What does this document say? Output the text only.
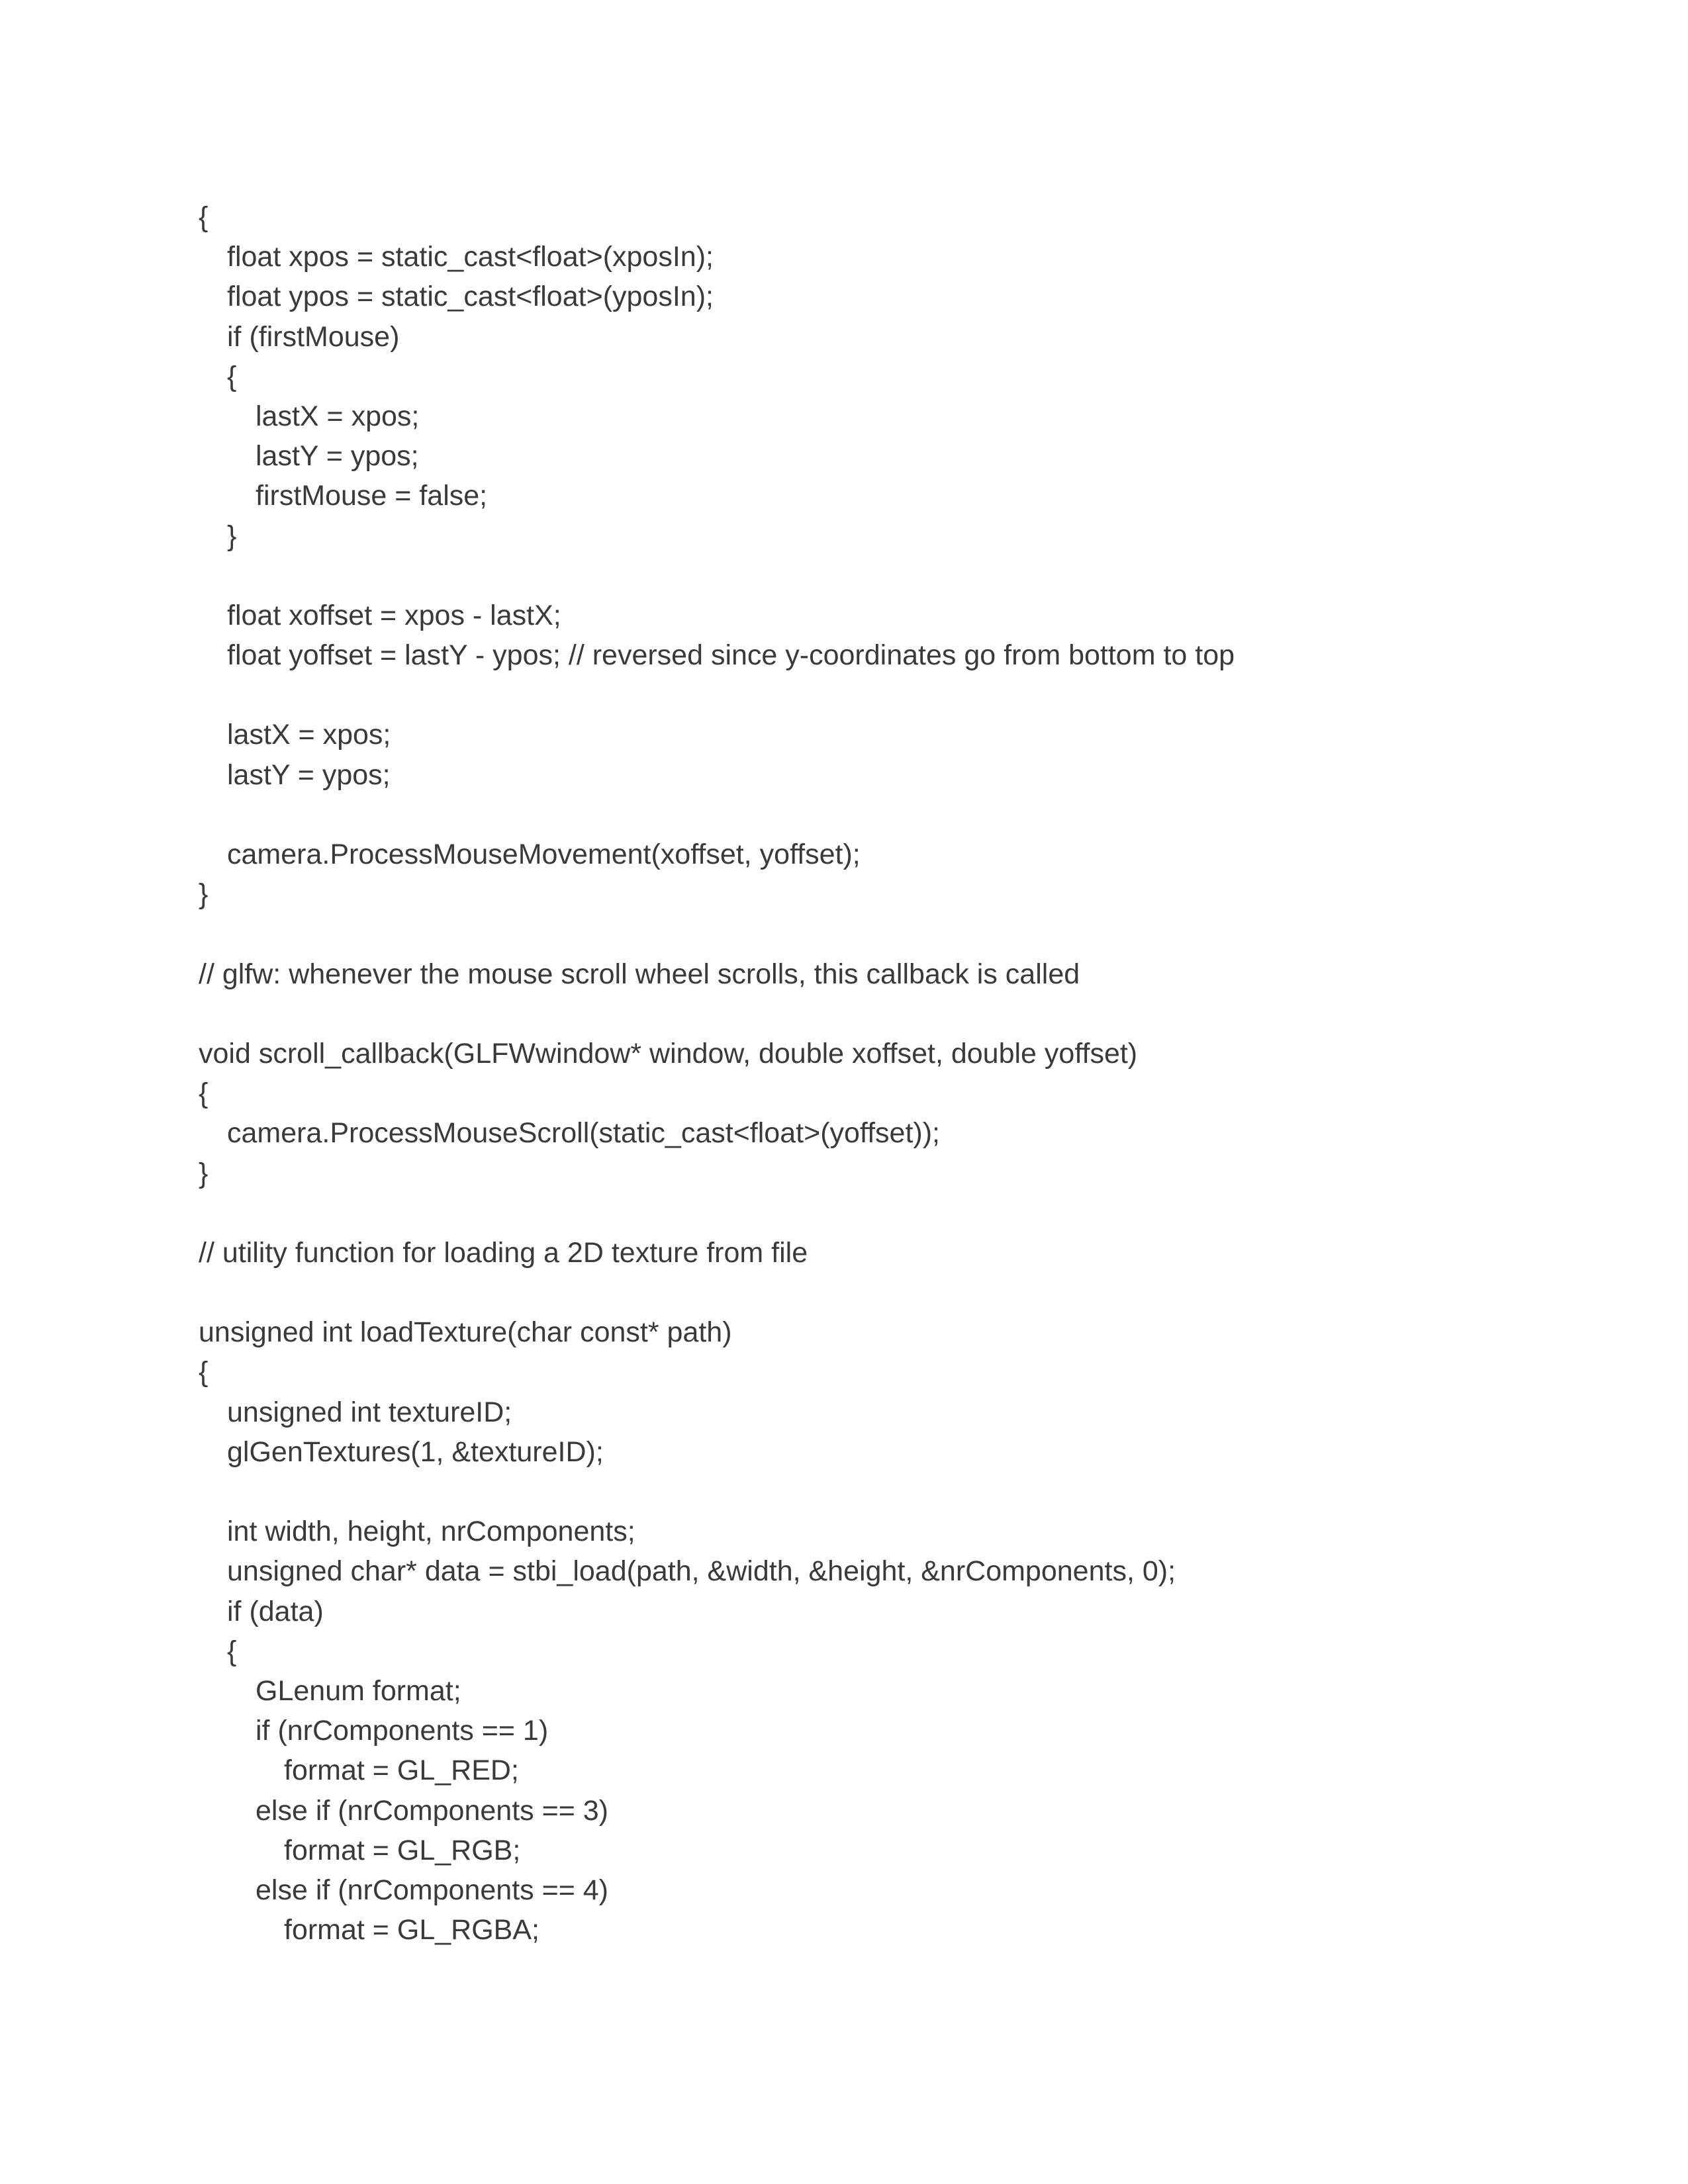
{
float xpos = static_cast<float>(xposIn);
float ypos = static_cast<float>(yposIn);
if (firstMouse)
{
lastX = xpos;
lastY = ypos;
firstMouse = false;
}
float xoffset = xpos - lastX;
float yoffset = lastY - ypos; // reversed since y-coordinates go from bottom to top
lastX = xpos;
lastY = ypos;
camera.ProcessMouseMovement(xoffset, yoffset);
}
// glfw: whenever the mouse scroll wheel scrolls, this callback is called
void scroll_callback(GLFWwindow* window, double xoffset, double yoffset)
{
camera.ProcessMouseScroll(static_cast<float>(yoffset));
}
// utility function for loading a 2D texture from file
unsigned int loadTexture(char const* path)
{
unsigned int textureID;
glGenTextures(1, &textureID);
int width, height, nrComponents;
unsigned char* data = stbi_load(path, &width, &height, &nrComponents, 0);
if (data)
{
GLenum format;
if (nrComponents == 1)
format = GL_RED;
else if (nrComponents == 3)
format = GL_RGB;
else if (nrComponents == 4)
format = GL_RGBA;
